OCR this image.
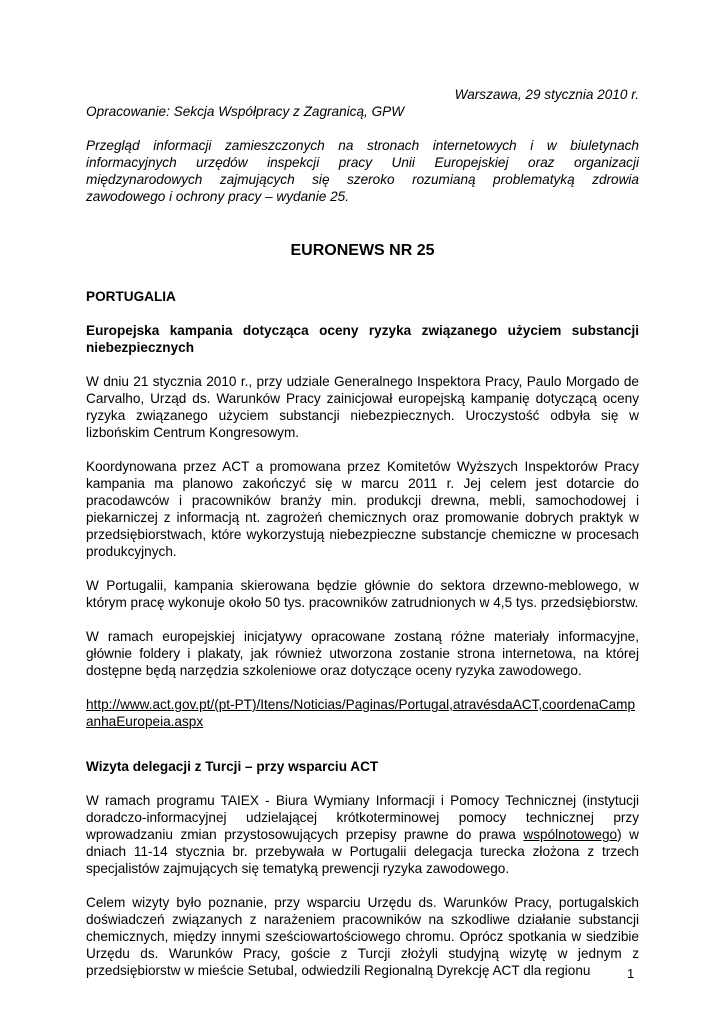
Warszawa, 29 stycznia 2010 r.

Opracowanie: Sekcja Współpracy z Zagranicą, GPW

Przegląd informacji zamieszczonych na stronach internetowych i w biuletynach informacyjnych urzędów inspekcji pracy Unii Europejskiej oraz organizacji międzynarodowych zajmujących się szeroko rozumianą problematyką zdrowia zawodowego i ochrony pracy – wydanie 25.

EURONEWS NR 25

PORTUGALIA

Europejska kampania dotycząca oceny ryzyka związanego użyciem substancji niebezpiecznych

W dniu 21 stycznia 2010 r., przy udziale Generalnego Inspektora Pracy, Paulo Morgado de Carvalho, Urząd ds. Warunków Pracy zainicjował europejską kampanię dotyczącą oceny ryzyka związanego użyciem substancji niebezpiecznych. Uroczystość odbyła się w lizbońskim Centrum Kongresowym.

Koordynowana przez ACT a promowana przez Komitetów Wyższych Inspektorów Pracy kampania ma planowo zakończyć się w marcu 2011 r. Jej celem jest dotarcie do pracodawców i pracowników branży min. produkcji drewna, mebli, samochodowej i piekarniczej z informacją nt. zagrożeń chemicznych oraz promowanie dobrych praktyk w przedsiębiorstwach, które wykorzystują niebezpieczne substancje chemiczne w procesach produkcyjnych.

W Portugalii, kampania skierowana będzie głównie do sektora drzewno-meblowego, w którym pracę wykonuje około 50 tys. pracowników zatrudnionych w 4,5 tys. przedsiębiorstw.

W ramach europejskiej inicjatywy opracowane zostaną różne materiały informacyjne, głównie foldery i plakaty, jak również utworzona zostanie strona internetowa, na której dostępne będą narzędzia szkoleniowe oraz dotyczące oceny ryzyka zawodowego.

http://www.act.gov.pt/(pt-PT)/Itens/Noticias/Paginas/Portugal,atravésdaACT,coordenaCampanhaEuropeia.aspx

Wizyta delegacji z Turcji – przy wsparciu ACT

W ramach programu TAIEX - Biura Wymiany Informacji i Pomocy Technicznej (instytucji doradczo-informacyjnej udzielającej krótkoterminowej pomocy technicznej przy wprowadzaniu zmian przystosowujących przepisy prawne do prawa wspólnotowego) w dniach 11-14 stycznia br. przebywała w Portugalii delegacja turecka złożona z trzech specjalistów zajmujących się tematyką prewencji ryzyka zawodowego.

Celem wizyty było poznanie, przy wsparciu Urzędu ds. Warunków Pracy, portugalskich doświadczeń związanych z narażeniem pracowników na szkodliwe działanie substancji chemicznych, między innymi sześciowartościowego chromu. Oprócz spotkania w siedzibie Urzędu ds. Warunków Pracy, goście z Turcji złożyli studyjną wizytę w jednym z przedsiębiorstw w mieście Setubal, odwiedzili Regionalną Dyrekcję ACT dla regionu	1
